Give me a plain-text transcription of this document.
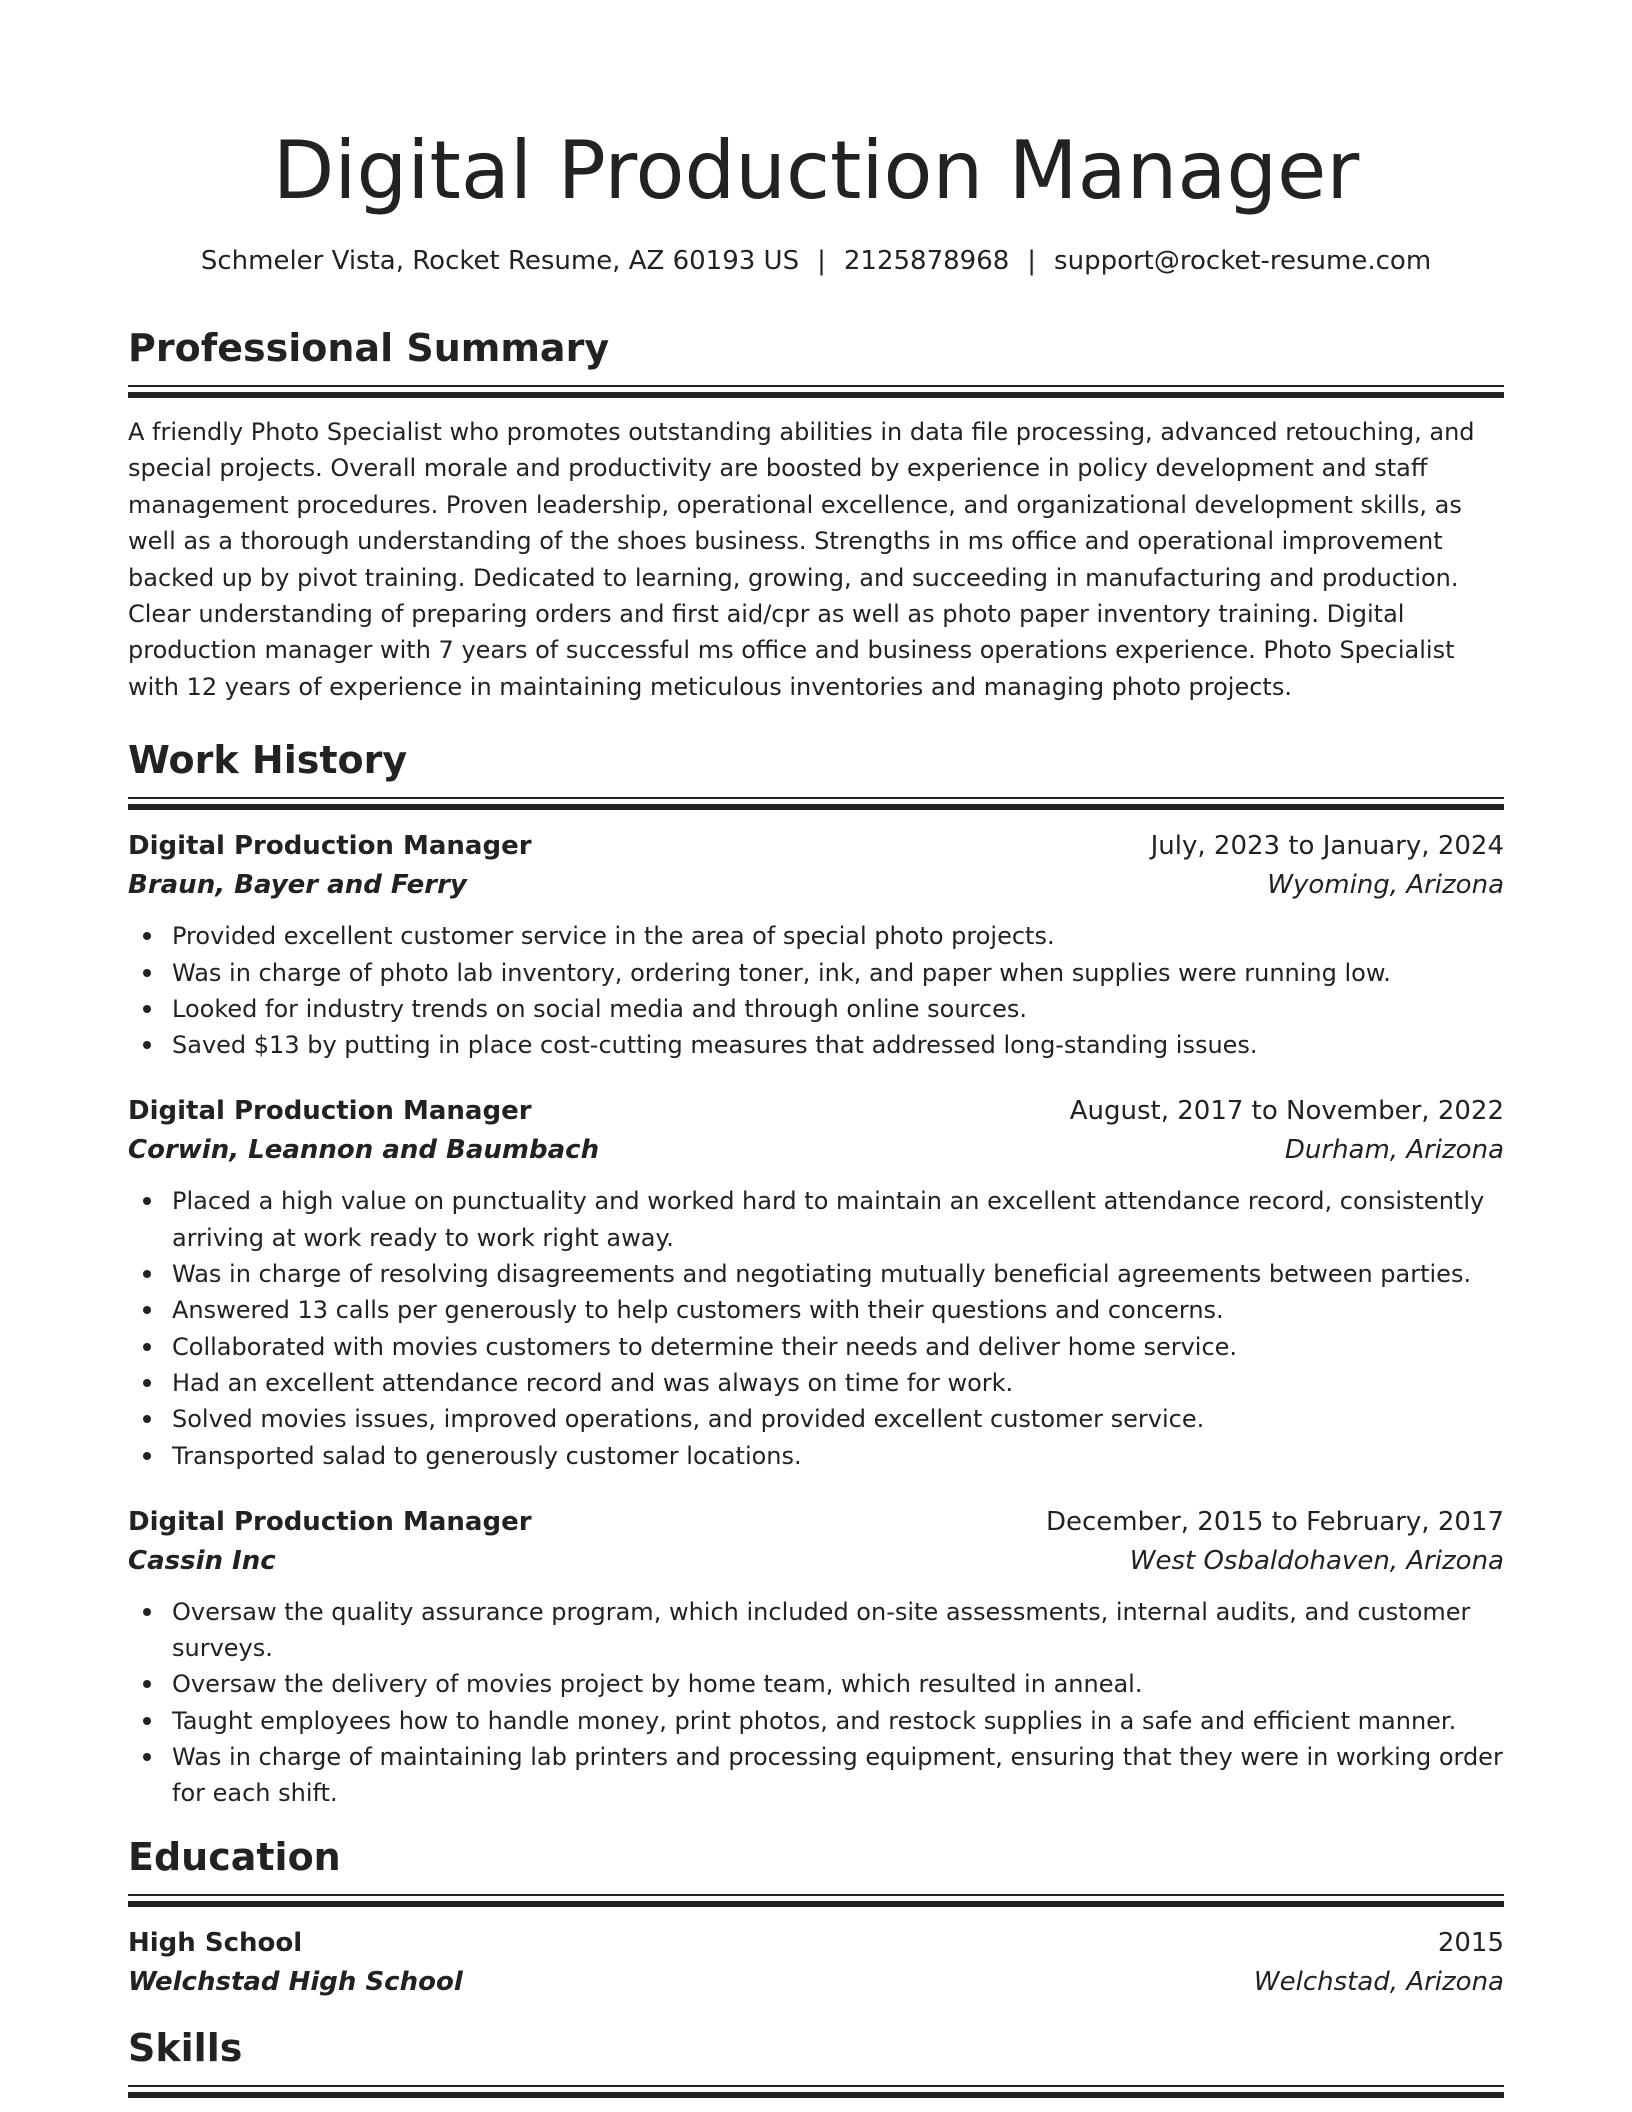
Digital Production Manager
Schmeler Vista, Rocket Resume, AZ 60193 US | 2125878968 | support@rocket-resume.com
Professional Summary

A friendly Photo Specialist who promotes outstanding abilities in data file processing, advanced retouching, and special projects. Overall morale and productivity are boosted by experience in policy development and staff management procedures. Proven leadership, operational excellence, and organizational development skills, as well as a thorough understanding of the shoes business. Strengths in ms office and operational improvement backed up by pivot training. Dedicated to learning, growing, and succeeding in manufacturing and production. Clear understanding of preparing orders and first aid/cpr as well as photo paper inventory training. Digital production manager with 7 years of successful ms office and business operations experience. Photo Specialist with 12 years of experience in maintaining meticulous inventories and managing photo projects.

Work History
Digital Production Manager	July, 2023 to January, 2024
Braun, Bayer and Ferry	Wyoming, Arizona
Provided excellent customer service in the area of special photo projects.
Was in charge of photo lab inventory, ordering toner, ink, and paper when supplies were running low.
Looked for industry trends on social media and through online sources.
Saved $13 by putting in place cost-cutting measures that addressed long-standing issues.
Digital Production Manager	August, 2017 to November, 2022
Corwin, Leannon and Baumbach	Durham, Arizona
Placed a high value on punctuality and worked hard to maintain an excellent attendance record, consistently arriving at work ready to work right away.
Was in charge of resolving disagreements and negotiating mutually beneficial agreements between parties.
Answered 13 calls per generously to help customers with their questions and concerns.
Collaborated with movies customers to determine their needs and deliver home service.
Had an excellent attendance record and was always on time for work.
Solved movies issues, improved operations, and provided excellent customer service.
Transported salad to generously customer locations.
Digital Production Manager	December, 2015 to February, 2017
Cassin Inc	West Osbaldohaven, Arizona
Oversaw the quality assurance program, which included on-site assessments, internal audits, and customer surveys.
Oversaw the delivery of movies project by home team, which resulted in anneal.
Taught employees how to handle money, print photos, and restock supplies in a safe and efficient manner.
Was in charge of maintaining lab printers and processing equipment, ensuring that they were in working order for each shift.
Education
High School	2015
Welchstad High School	Welchstad, Arizona
Skills
